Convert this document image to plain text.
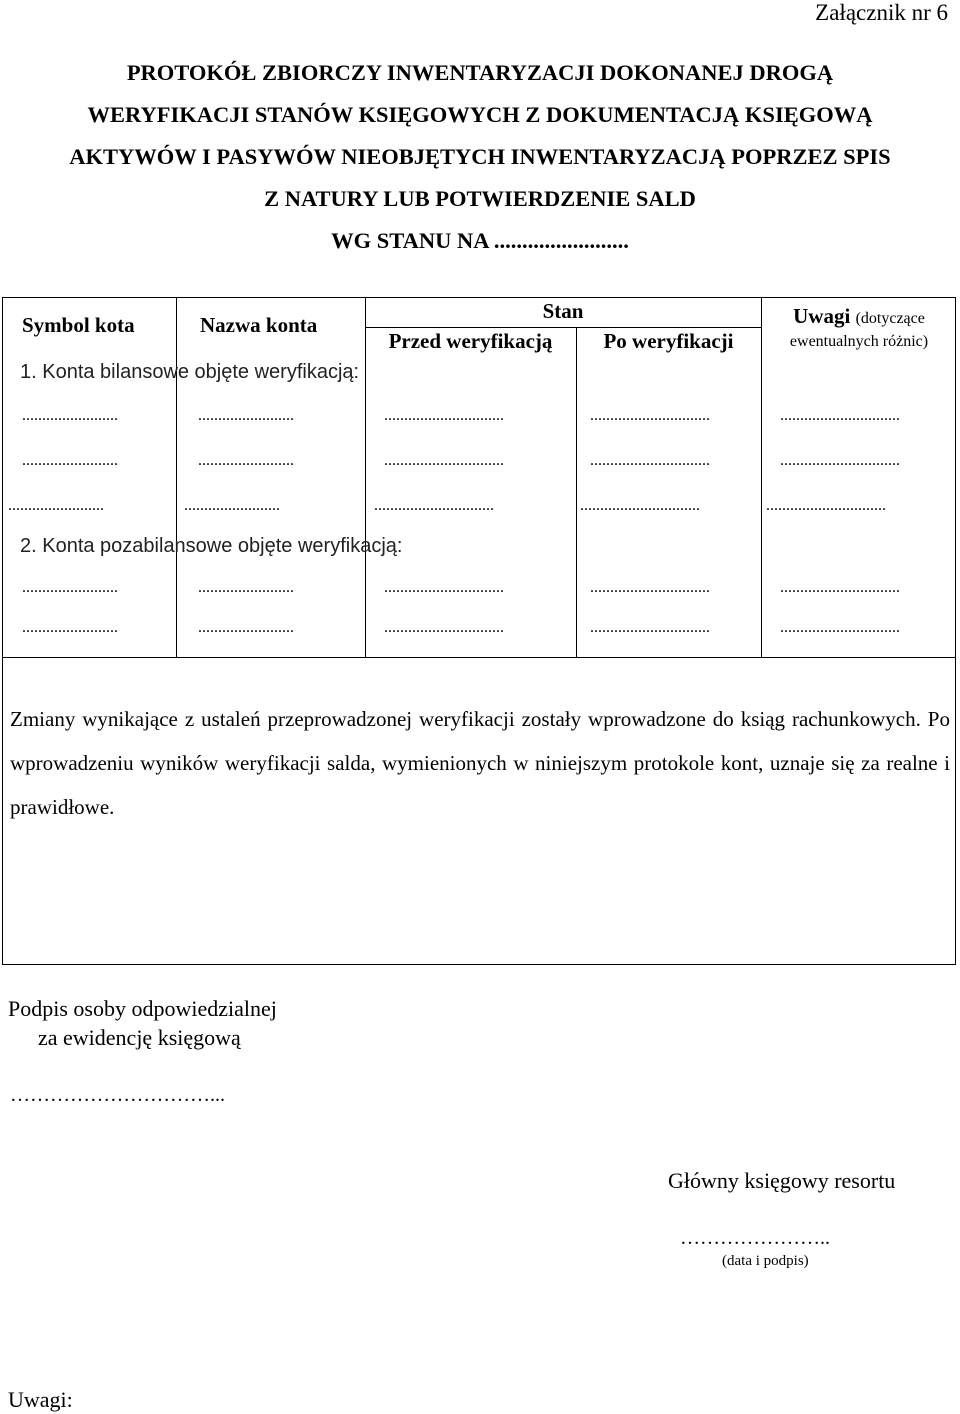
Załącznik nr 6
PROTOKÓŁ ZBIORCZY INWENTARYZACJI DOKONANEJ DROGĄ
WERYFIKACJI STANÓW KSIĘGOWYCH Z DOKUMENTACJĄ KSIĘGOWĄ
AKTYWÓW I PASYWÓW NIEOBJĘTYCH INWENTARYZACJĄ POPRZEZ SPIS
Z NATURY LUB POTWIERDZENIE SALD
WG STANU NA ........................
Symbol kota	Nazwa konta
Stan
Przed weryfikacją	Po weryfikacji
Uwagi (dotyczące
ewentualnych różnic)
1. Konta bilansowe objęte weryfikacją:
........................	........................	..............................	..............................	..............................
........................	........................	..............................	..............................	..............................
........................	........................	..............................	..............................	..............................
2. Konta pozabilansowe objęte weryfikacją:
........................	........................	..............................	..............................	..............................
........................	........................	..............................	..............................	..............................
Zmiany wynikające z ustaleń przeprowadzonej weryfikacji zostały wprowadzone do ksiąg rachunkowych. Po wprowadzeniu wyników weryfikacji salda, wymienionych w niniejszym protokole kont, uznaje się za realne i prawidłowe.
Podpis osoby odpowiedzialnej
za ewidencję księgową
…………………………...
Główny księgowy resortu
…………………..
(data i podpis)
Uwagi:
